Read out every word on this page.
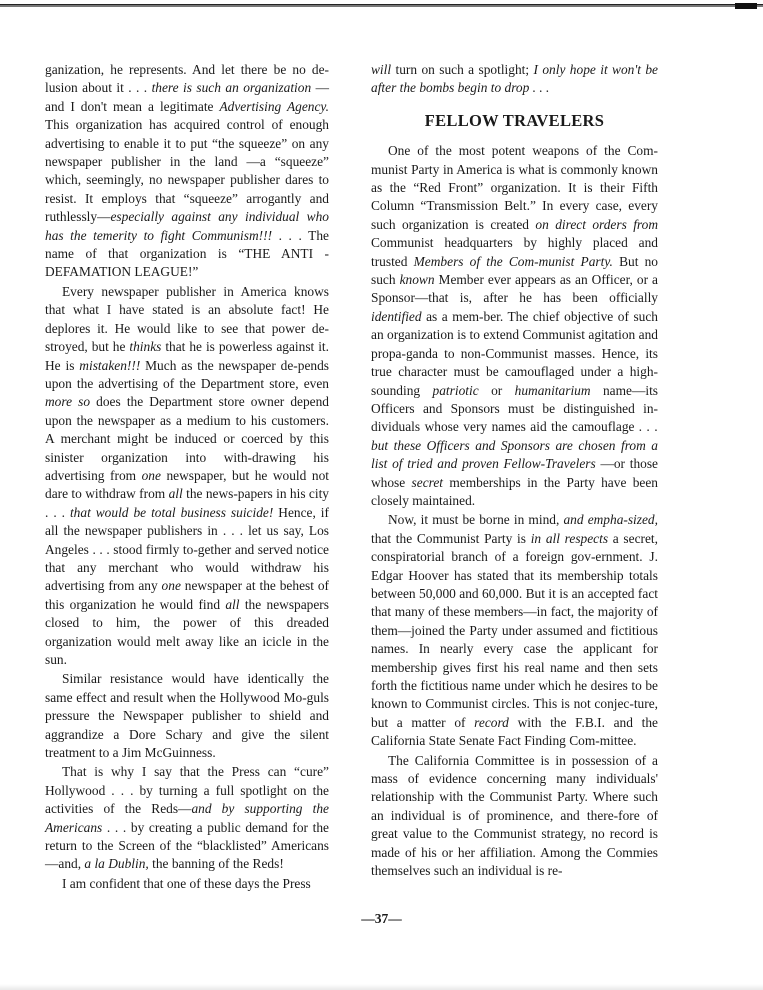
ganization, he represents. And let there be no de-lusion about it . . . there is such an organization —and I don't mean a legitimate Advertising Agency. This organization has acquired control of enough advertising to enable it to put “the squeeze” on any newspaper publisher in the land —a “squeeze” which, seemingly, no newspaper publisher dares to resist. It employs that “squeeze” arrogantly and ruthlessly—especially against any individual who has the temerity to fight Communism!!! . . . The name of that organization is “THE ANTI - DEFAMATION LEAGUE!”

Every newspaper publisher in America knows that what I have stated is an absolute fact! He deplores it. He would like to see that power de-stroyed, but he thinks that he is powerless against it. He is mistaken!!! Much as the newspaper de-pends upon the advertising of the Department store, even more so does the Department store owner depend upon the newspaper as a medium to his customers. A merchant might be induced or coerced by this sinister organization into with-drawing his advertising from one newspaper, but he would not dare to withdraw from all the news-papers in his city . . . that would be total business suicide! Hence, if all the newspaper publishers in . . . let us say, Los Angeles . . . stood firmly to-gether and served notice that any merchant who would withdraw his advertising from any one newspaper at the behest of this organization he would find all the newspapers closed to him, the power of this dreaded organization would melt away like an icicle in the sun.

Similar resistance would have identically the same effect and result when the Hollywood Mo-guls pressure the Newspaper publisher to shield and aggrandize a Dore Schary and give the silent treatment to a Jim McGuinness.

That is why I say that the Press can “cure” Hollywood . . . by turning a full spotlight on the activities of the Reds—and by supporting the Americans . . . by creating a public demand for the return to the Screen of the “blacklisted” Americans—and, a la Dublin, the banning of the Reds!

I am confident that one of these days the Press

will turn on such a spotlight; I only hope it won't be after the bombs begin to drop . . .

FELLOW TRAVELERS

One of the most potent weapons of the Com-munist Party in America is what is commonly known as the “Red Front” organization. It is their Fifth Column “Transmission Belt.” In every case, every such organization is created on direct orders from Communist headquarters by highly placed and trusted Members of the Com-munist Party. But no such known Member ever appears as an Officer, or a Sponsor—that is, after he has been officially identified as a mem-ber. The chief objective of such an organization is to extend Communist agitation and propa-ganda to non-Communist masses. Hence, its true character must be camouflaged under a high-sounding patriotic or humanitarium name—its Officers and Sponsors must be distinguished in-dividuals whose very names aid the camouflage . . . but these Officers and Sponsors are chosen from a list of tried and proven Fellow-Travelers —or those whose secret memberships in the Party have been closely maintained.

Now, it must be borne in mind, and empha-sized, that the Communist Party is in all respects a secret, conspiratorial branch of a foreign gov-ernment. J. Edgar Hoover has stated that its membership totals between 50,000 and 60,000. But it is an accepted fact that many of these members—in fact, the majority of them—joined the Party under assumed and fictitious names. In nearly every case the applicant for membership gives first his real name and then sets forth the fictitious name under which he desires to be known to Communist circles. This is not conjec-ture, but a matter of record with the F.B.I. and the California State Senate Fact Finding Com-mittee.

The California Committee is in possession of a mass of evidence concerning many individuals' relationship with the Communist Party. Where such an individual is of prominence, and there-fore of great value to the Communist strategy, no record is made of his or her affiliation. Among the Commies themselves such an individual is re-

—37—
